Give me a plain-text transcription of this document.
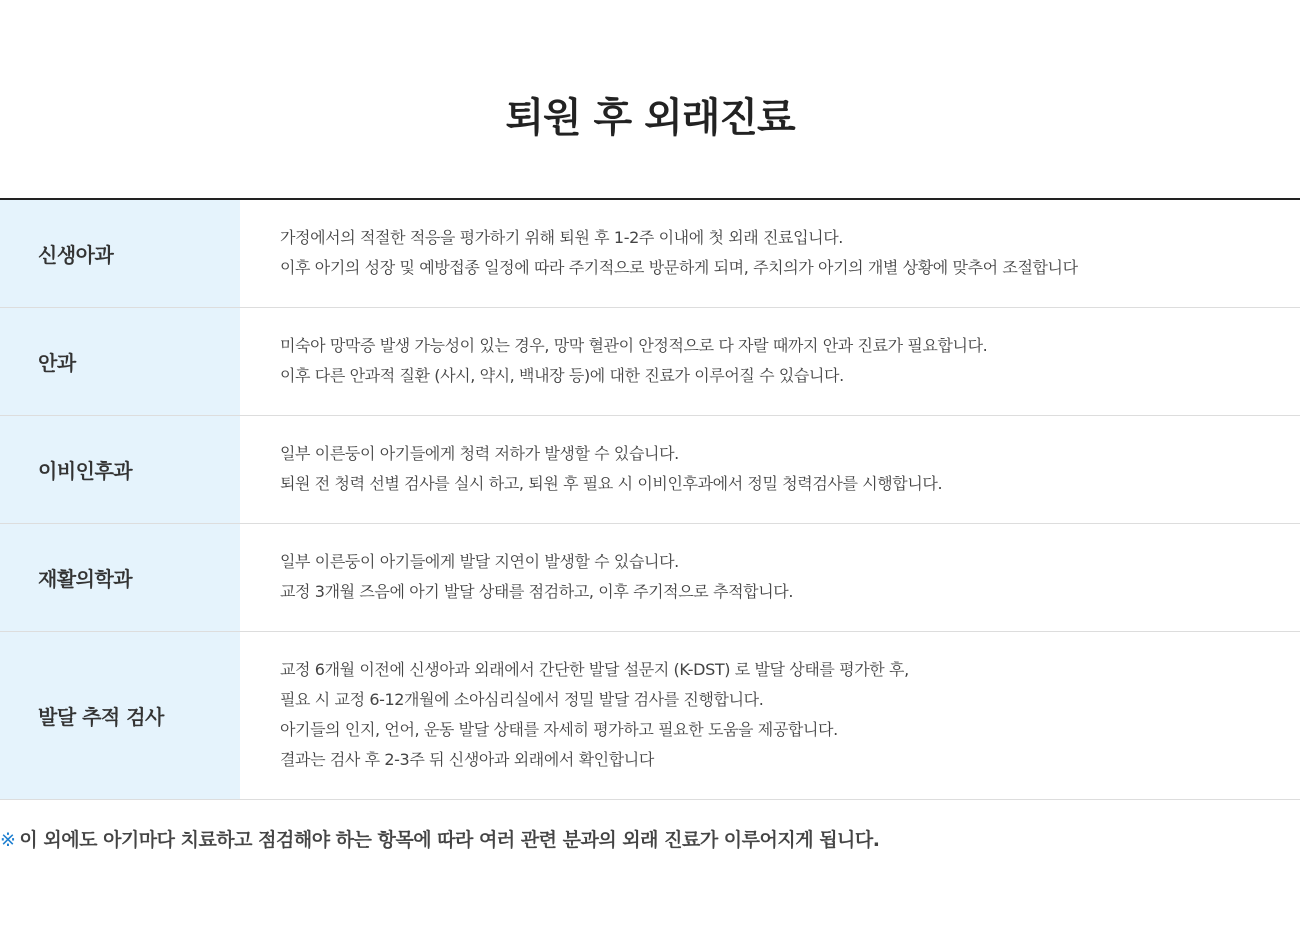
퇴원 후 외래진료
신생아과
가정에서의 적절한 적응을 평가하기 위해 퇴원 후 1-2주 이내에 첫 외래 진료입니다.
이후 아기의 성장 및 예방접종 일정에 따라 주기적으로 방문하게 되며, 주치의가 아기의 개별 상황에 맞추어 조절합니다
안과
미숙아 망막증 발생 가능성이 있는 경우, 망막 혈관이 안정적으로 다 자랄 때까지 안과 진료가 필요합니다.
이후 다른 안과적 질환 (사시, 약시, 백내장 등)에 대한 진료가 이루어질 수 있습니다.
이비인후과
일부 이른둥이 아기들에게 청력 저하가 발생할 수 있습니다.
퇴원 전 청력 선별 검사를 실시 하고, 퇴원 후 필요 시 이비인후과에서 정밀 청력검사를 시행합니다.
재활의학과
일부 이른둥이 아기들에게 발달 지연이 발생할 수 있습니다.
교정 3개월 즈음에 아기 발달 상태를 점검하고, 이후 주기적으로 추적합니다.
발달 추적 검사
교정 6개월 이전에 신생아과 외래에서 간단한 발달 설문지 (K-DST) 로 발달 상태를 평가한 후,
필요 시 교정 6-12개월에 소아심리실에서 정밀 발달 검사를 진행합니다.
아기들의 인지, 언어, 운동 발달 상태를 자세히 평가하고 필요한 도움을 제공합니다.
결과는 검사 후 2-3주 뒤 신생아과 외래에서 확인합니다
※ 이 외에도 아기마다 치료하고 점검해야 하는 항목에 따라 여러 관련 분과의 외래 진료가 이루어지게 됩니다.
